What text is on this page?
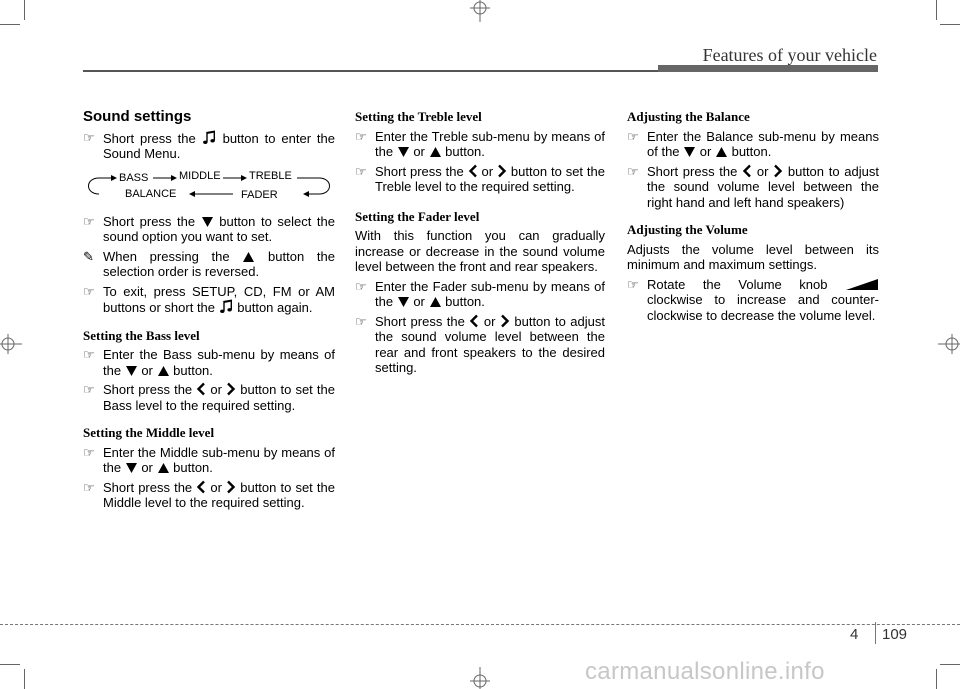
Features of your vehicle
Sound settings
☞ Short press the button to enter the Sound Menu.
BASS	MIDDLE	TREBLE
BALANCE	FADER
☞ Short press the button to select the sound option you want to set.
✎ When pressing the	button the selection order is reversed.
☞ To exit, press SETUP, CD, FM or AM buttons or short the button again.
Setting the Bass level
☞ Enter the Bass sub-menu by means of the or button.
☞ Short press the or button to set the Bass level to the required setting.
Setting the Middle level
☞ Enter the Middle sub-menu by means of the or button.
☞ Short press the or button to set the Middle level to the required setting.
Setting the Treble level
☞ Enter the Treble sub-menu by means of the or button.
☞ Short press the or button to set the Treble level to the required setting.
Setting the Fader level
With this function you can gradually increase or decrease in the sound volume level between the front and rear speakers.
☞ Enter the Fader sub-menu by means of the or button.
☞ Short press the or button to adjust the sound volume level between the rear and front speakers to the desired setting.
Adjusting the Balance
☞ Enter the Balance sub-menu by means of the or button.
☞ Short press the or button to adjust the sound volume level between the right hand and left hand speakers)
Adjusting the Volume
Adjusts the volume level between its minimum and maximum settings.
☞ Rotate the Volume knob  clockwise to increase and counter-clockwise to decrease the volume level.
4 109
carmanualsonline.info
